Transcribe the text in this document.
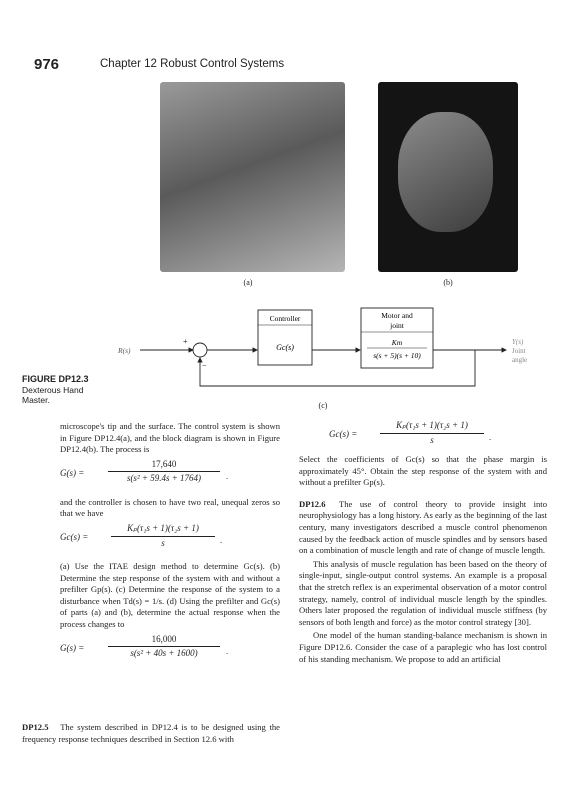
976	Chapter 12 Robust Control Systems
(a)	(b)
R(s)
+
−
Controller
Gc(s)
Motor and
joint
Km
s(s + 5)(s + 10)
Y(s)
Joint
angle
(c)
FIGURE DP12.3
Dexterous Hand
Master.

microscope's tip and the surface. The control system is shown in Figure DP12.4(a), and the block diagram is shown in Figure DP12.4(b). The process is

G(s) =
17,640
s(s² + 59.4s + 1764)	.

and the controller is chosen to have two real, unequal zeros so that we have

Gc(s) =
Kₚ(τ₁s + 1)(τ₂s + 1)
s	.

(a) Use the ITAE design method to determine Gc(s). (b) Determine the step response of the system with and without a prefilter Gp(s). (c) Determine the response of the system to a disturbance when Td(s) = 1/s. (d) Using the prefilter and Gc(s) of parts (a) and (b), determine the actual response when the process changes to

G(s) =
16,000
s(s² + 40s + 1600)	.

DP12.5 The system described in DP12.4 is to be designed using the frequency response techniques described in Section 12.6 with

Gc(s) =
Kₚ(τ₁s + 1)(τ₂s + 1)
s	.

Select the coefficients of Gc(s) so that the phase margin is approximately 45°. Obtain the step response of the system with and without a prefilter Gp(s).

DP12.6 The use of control theory to provide insight into neurophysiology has a long history. As early as the beginning of the last century, many investigators described a muscle control phenomenon caused by the feedback action of muscle spindles and by sensors based on a combination of muscle length and rate of change of muscle length.

This analysis of muscle regulation has been based on the theory of single-input, single-output control systems. An example is a proposal that the stretch reflex is an experimental observation of a motor control strategy, namely, control of individual muscle length by the spindles. Others later proposed the regulation of individual muscle stiffness (by sensors of both length and force) as the motor control strategy [30].

One model of the human standing-balance mechanism is shown in Figure DP12.6. Consider the case of a paraplegic who has lost control of his standing mechanism. We propose to add an artificial
